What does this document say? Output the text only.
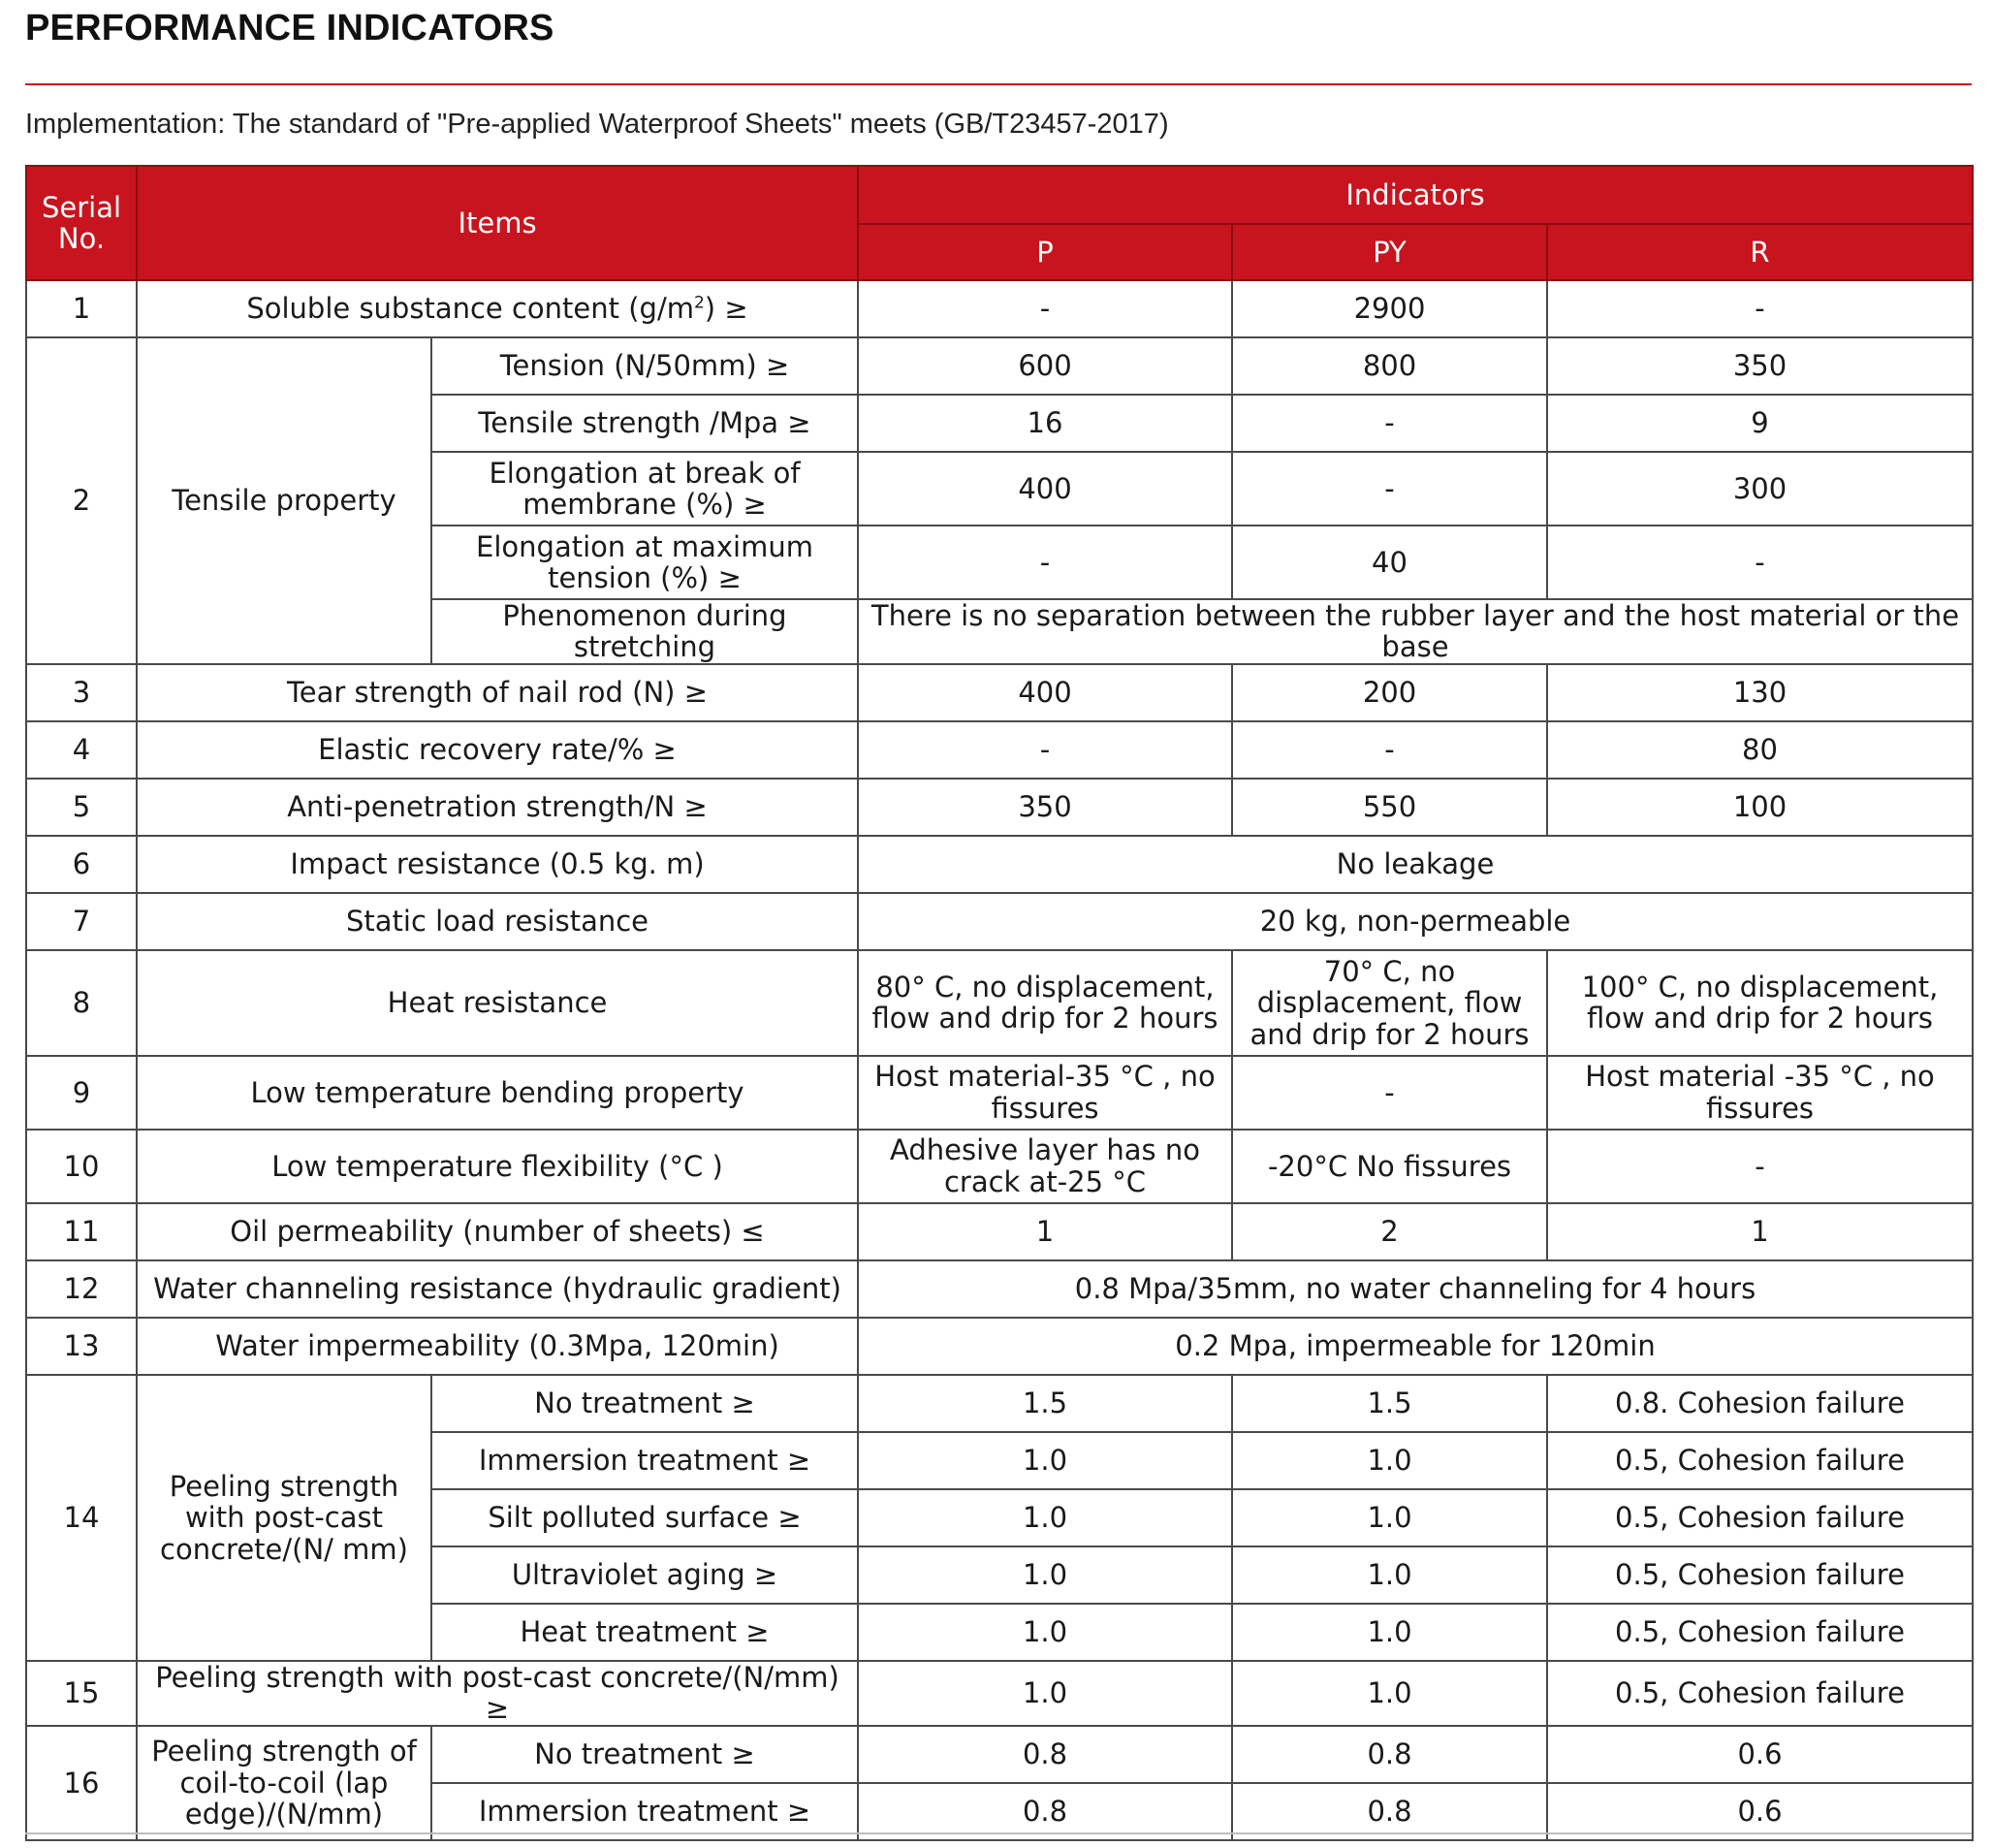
PERFORMANCE INDICATORS

Implementation: The standard of "Pre-applied Waterproof Sheets" meets (GB/T23457-2017)

Serial No.	Items		Indicators		
			P	PY	R
1	Soluble substance content $(g/m^2)$ ≥		-	2900	-
2	Tensile property	Tension (N/50mm) ≥	600	800	350
		Tensile strength /Mpa ≥	16	-	9
		Elongation at break of membrane (%) ≥	400	-	300
		Elongation at maximum tension (%) ≥	-	40	-
		Phenomenon during stretching	There is no separation between the rubber layer and the host material or the base		
3	Tear strength of nail rod (N) ≥		400	200	130
4	Elastic recovery rate/% ≥		-	-	80
5	Anti-penetration strength/N ≥		350	550	100
6	Impact resistance (0.5 kg. m)		No leakage		
7	Static load resistance		20 kg, non-permeable		
8	Heat resistance		80° C, no displacement, flow and drip for 2 hours	70° C, no displacement, flow and drip for 2 hours	100° C, no displacement, flow and drip for 2 hours
9	Low temperature bending property		Host material-35 °C , no fissures	-	Host material -35 °C , no fissures
10	Low temperature flexibility (°C )		Adhesive layer has no crack at-25 °C	-20°C No fissures	-
11	Oil permeability (number of sheets) ≤		1	2	1
12	Water channeling resistance (hydraulic gradient)		0.8 Mpa/35mm, no water channeling for 4 hours		
13	Water impermeability (0.3Mpa, 120min)		0.2 Mpa, impermeable for 120min		
14	Peeling strength with post-cast concrete/(N/ mm)	No treatment ≥	1.5	1.5	0.8. Cohesion failure
		Immersion treatment ≥	1.0	1.0	0.5, Cohesion failure
		Silt polluted surface ≥	1.0	1.0	0.5, Cohesion failure
		Ultraviolet aging ≥	1.0	1.0	0.5, Cohesion failure
		Heat treatment ≥	1.0	1.0	0.5, Cohesion failure
15	Peeling strength with post-cast concrete/(N/mm) ≥		1.0	1.0	0.5, Cohesion failure
16	Peeling strength of coil-to-coil (lap edge)/(N/mm)	No treatment ≥	0.8	0.8	0.6
		Immersion treatment ≥	0.8	0.8	0.6
